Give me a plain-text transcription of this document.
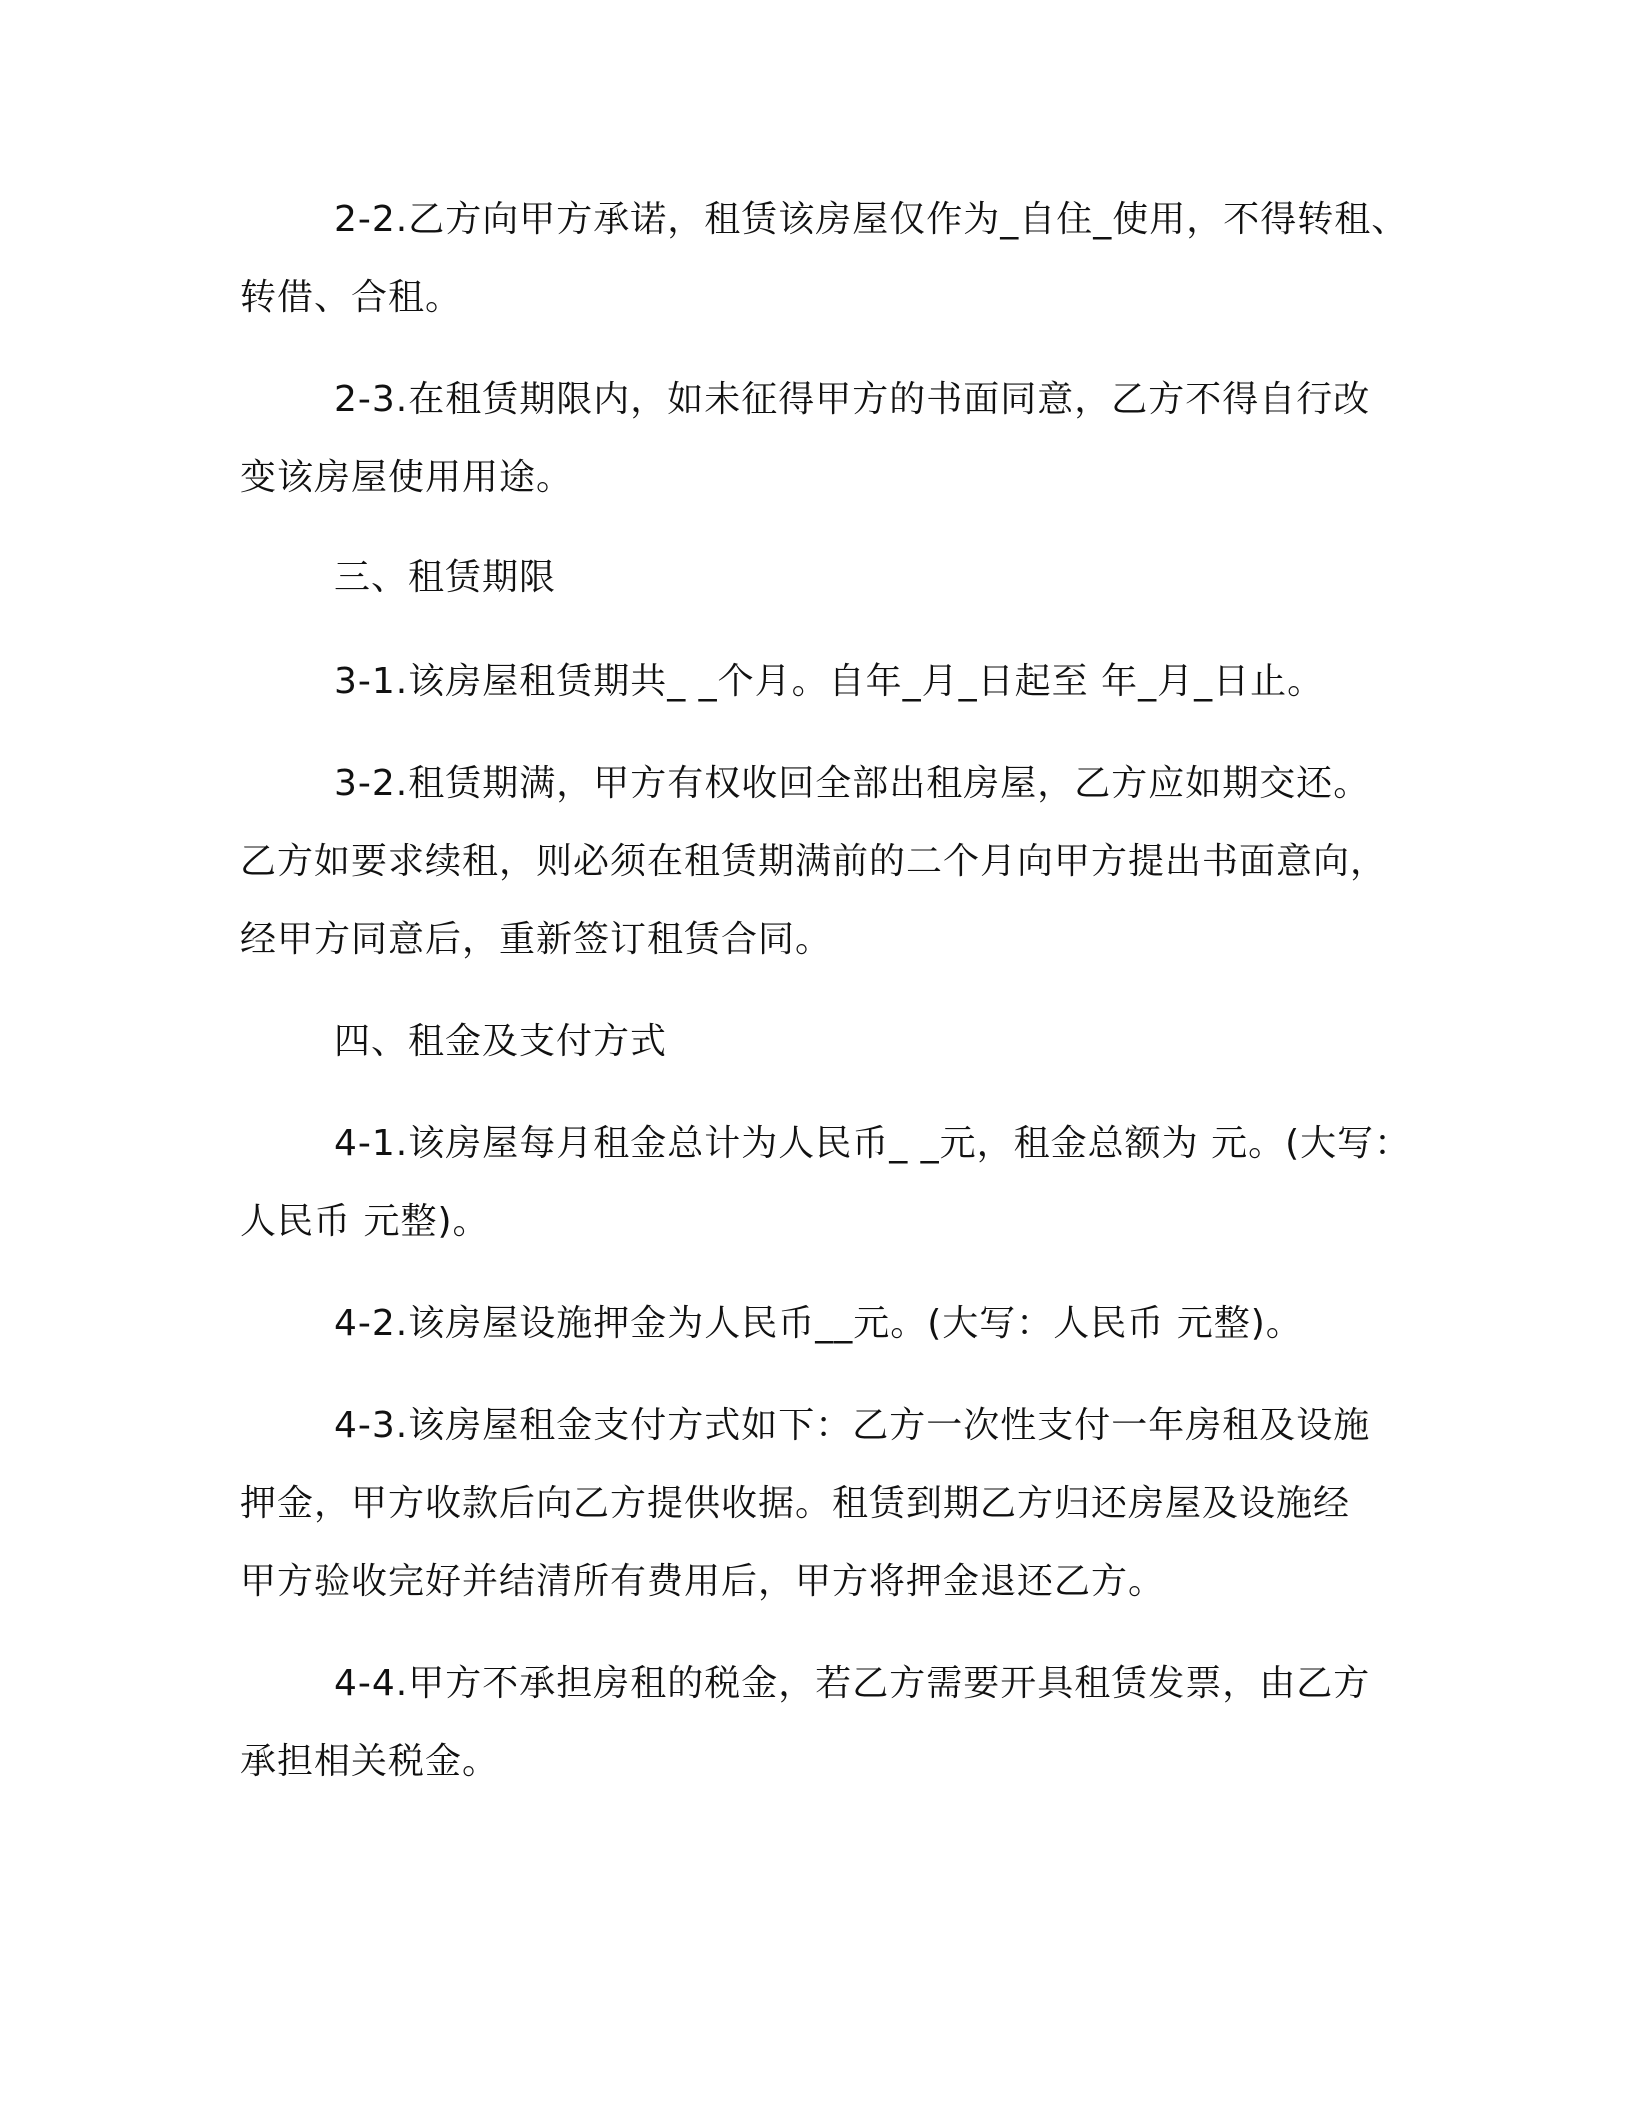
2-2.乙方向甲方承诺，租赁该房屋仅作为_自住_使用，不得转租、
转借、合租。
2-3.在租赁期限内，如未征得甲方的书面同意，乙方不得自行改
变该房屋使用用途。
三、租赁期限
3-1.该房屋租赁期共_ _个月。自年_月_日起至 年_月_日止。
3-2.租赁期满，甲方有权收回全部出租房屋，乙方应如期交还。
乙方如要求续租，则必须在租赁期满前的二个月向甲方提出书面意向，
经甲方同意后，重新签订租赁合同。
四、租金及支付方式
4-1.该房屋每月租金总计为人民币_ _元，租金总额为 元。(大写：
人民币 元整)。
4-2.该房屋设施押金为人民币__元。(大写：人民币 元整)。
4-3.该房屋租金支付方式如下：乙方一次性支付一年房租及设施
押金，甲方收款后向乙方提供收据。租赁到期乙方归还房屋及设施经
甲方验收完好并结清所有费用后，甲方将押金退还乙方。
4-4.甲方不承担房租的税金，若乙方需要开具租赁发票，由乙方
承担相关税金。
